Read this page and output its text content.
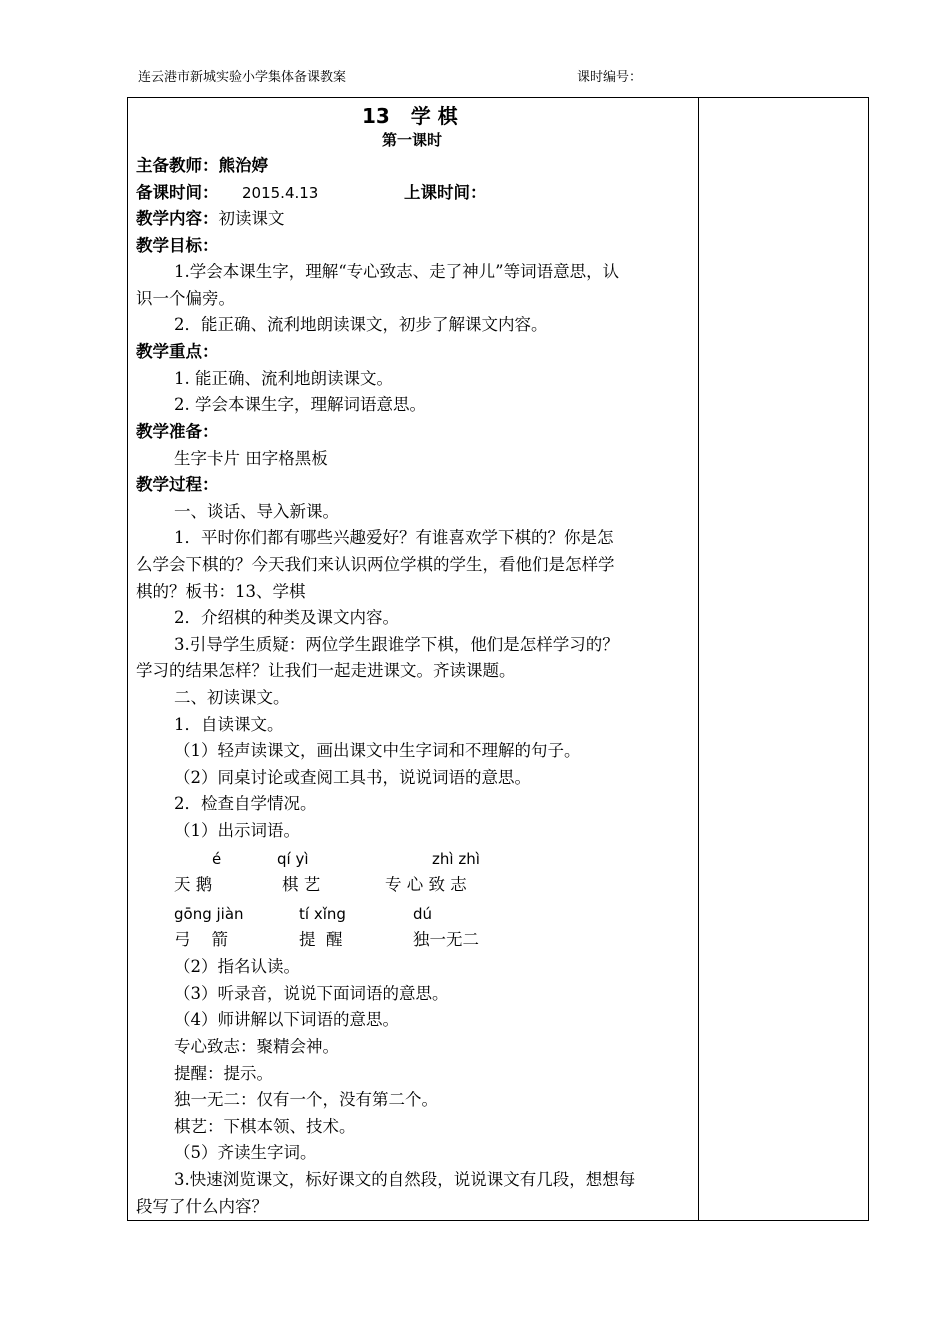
连云港市新城实验小学集体备课教案	课时编号：
13   学 棋
第一课时
主备教师：熊治婷
备课时间： 2015.4.13	上课时间：
教学内容：初读课文
教学目标：
1.学会本课生字，理解“专心致志、走了神儿”等词语意思，认
识一个偏旁。
2．能正确、流利地朗读课文，初步了解课文内容。
教学重点：
1. 能正确、流利地朗读课文。
2. 学会本课生字，理解词语意思。
教学准备：
生字卡片 田字格黑板
教学过程：
一、谈话、导入新课。
1．平时你们都有哪些兴趣爱好？有谁喜欢学下棋的？你是怎
么学会下棋的？今天我们来认识两位学棋的学生，看他们是怎样学
棋的？板书：13、学棋
2．介绍棋的种类及课文内容。
3.引导学生质疑：两位学生跟谁学下棋，他们是怎样学习的？
学习的结果怎样？让我们一起走进课文。齐读课题。
二、初读课文。
1．自读课文。
（1）轻声读课文，画出课文中生字词和不理解的句子。
（2）同桌讨论或查阅工具书，说说词语的意思。
2．检查自学情况。
（1）出示词语。
é	qí yì	zhì zhì
天 鹅	棋 艺	专 心 致 志
gōng jiàn	tí xǐng	dú
弓    箭	提  醒	独一无二
（2）指名认读。
（3）听录音，说说下面词语的意思。
（4）师讲解以下词语的意思。
专心致志：聚精会神。
提醒：提示。
独一无二：仅有一个，没有第二个。
棋艺：下棋本领、技术。
（5）齐读生字词。
3.快速浏览课文，标好课文的自然段，说说课文有几段，想想每
段写了什么内容？
